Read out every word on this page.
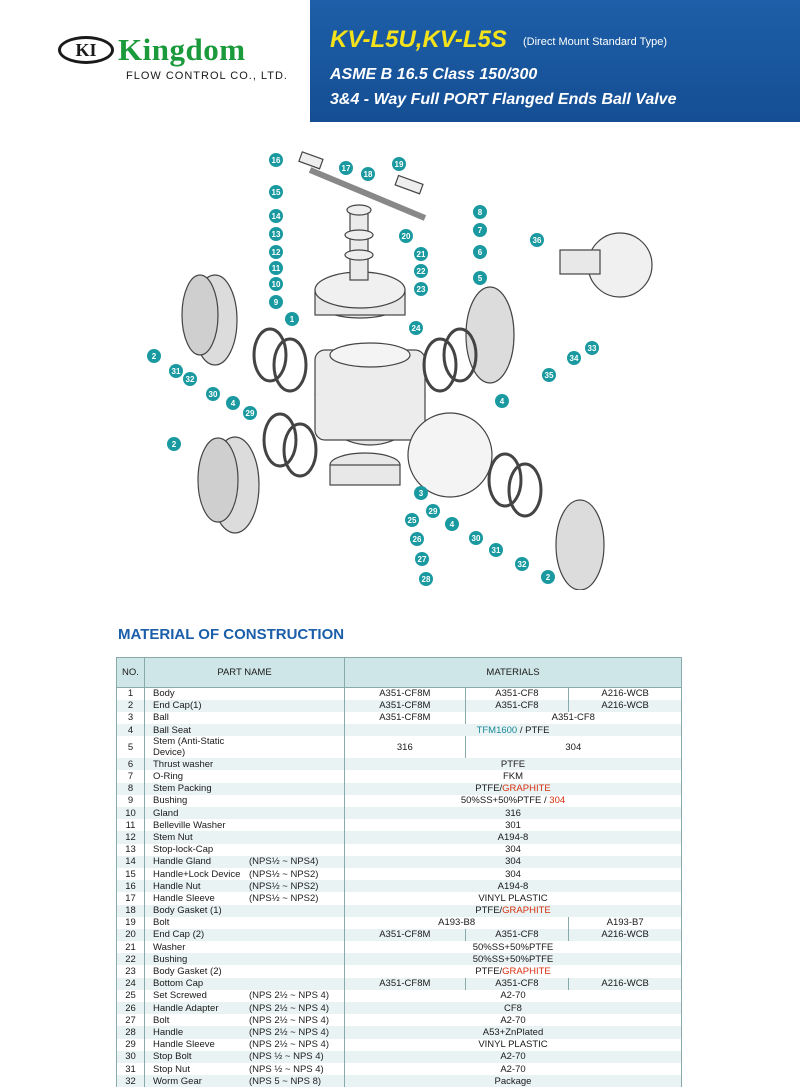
KI Kingdom
FLOW CONTROL CO., LTD.
KV-L5U,KV-L5S (Direct Mount Standard Type)
ASME B 16.5 Class 150/300
3&4 - Way Full PORT Flanged Ends Ball Valve
16
17
18
19
15
14
13
12
11
10
9
1
2
31
32
30
4
29
2
8
7
6
5
36
20
21
22
23
24
34
33
35
4
3
29
4
30
31
32
2
25
26
27
28
MATERIAL OF CONSTRUCTION
NO.	PART NAME	MATERIALS		
1	Body	A351-CF8M	A351-CF8	A216-WCB
2	End Cap(1)	A351-CF8M	A351-CF8	A216-WCB
3	Ball	A351-CF8M	A351-CF8	
4	Ball Seat	TFM1600 / PTFE		
5	Stem (Anti-Static Device)	316	304	
6	Thrust washer	PTFE		
7	O-Ring	FKM		
8	Stem Packing	PTFE/GRAPHITE		
9	Bushing	50%SS+50%PTFE / 304		
10	Gland	316		
11	Belleville Washer	301		
12	Stem Nut	A194-8		
13	Stop-lock-Cap	304		
14	Handle Gland (NPS½ ~ NPS4)	304		
15	Handle+Lock Device (NPS½ ~ NPS2)	304		
16	Handle Nut (NPS½ ~ NPS2)	A194-8		
17	Handle Sleeve (NPS½ ~ NPS2)	VINYL PLASTIC		
18	Body Gasket (1)	PTFE/GRAPHITE		
19	Bolt	A193-B8		A193-B7
20	End Cap (2)	A351-CF8M	A351-CF8	A216-WCB
21	Washer	50%SS+50%PTFE		
22	Bushing	50%SS+50%PTFE		
23	Body Gasket (2)	PTFE/GRAPHITE		
24	Bottom Cap	A351-CF8M	A351-CF8	A216-WCB
25	Set Screwed (NPS 2½ ~ NPS 4)	A2-70		
26	Handle Adapter (NPS 2½ ~ NPS 4)	CF8		
27	Bolt (NPS 2½ ~ NPS 4)	A2-70		
28	Handle (NPS 2½ ~ NPS 4)	A53+ZnPlated		
29	Handle Sleeve (NPS 2½ ~ NPS 4)	VINYL PLASTIC		
30	Stop Bolt (NPS ½ ~ NPS 4)	A2-70		
31	Stop Nut (NPS ½ ~ NPS 4)	A2-70		
32	Worm Gear (NPS 5 ~ NPS 8)	Package		
